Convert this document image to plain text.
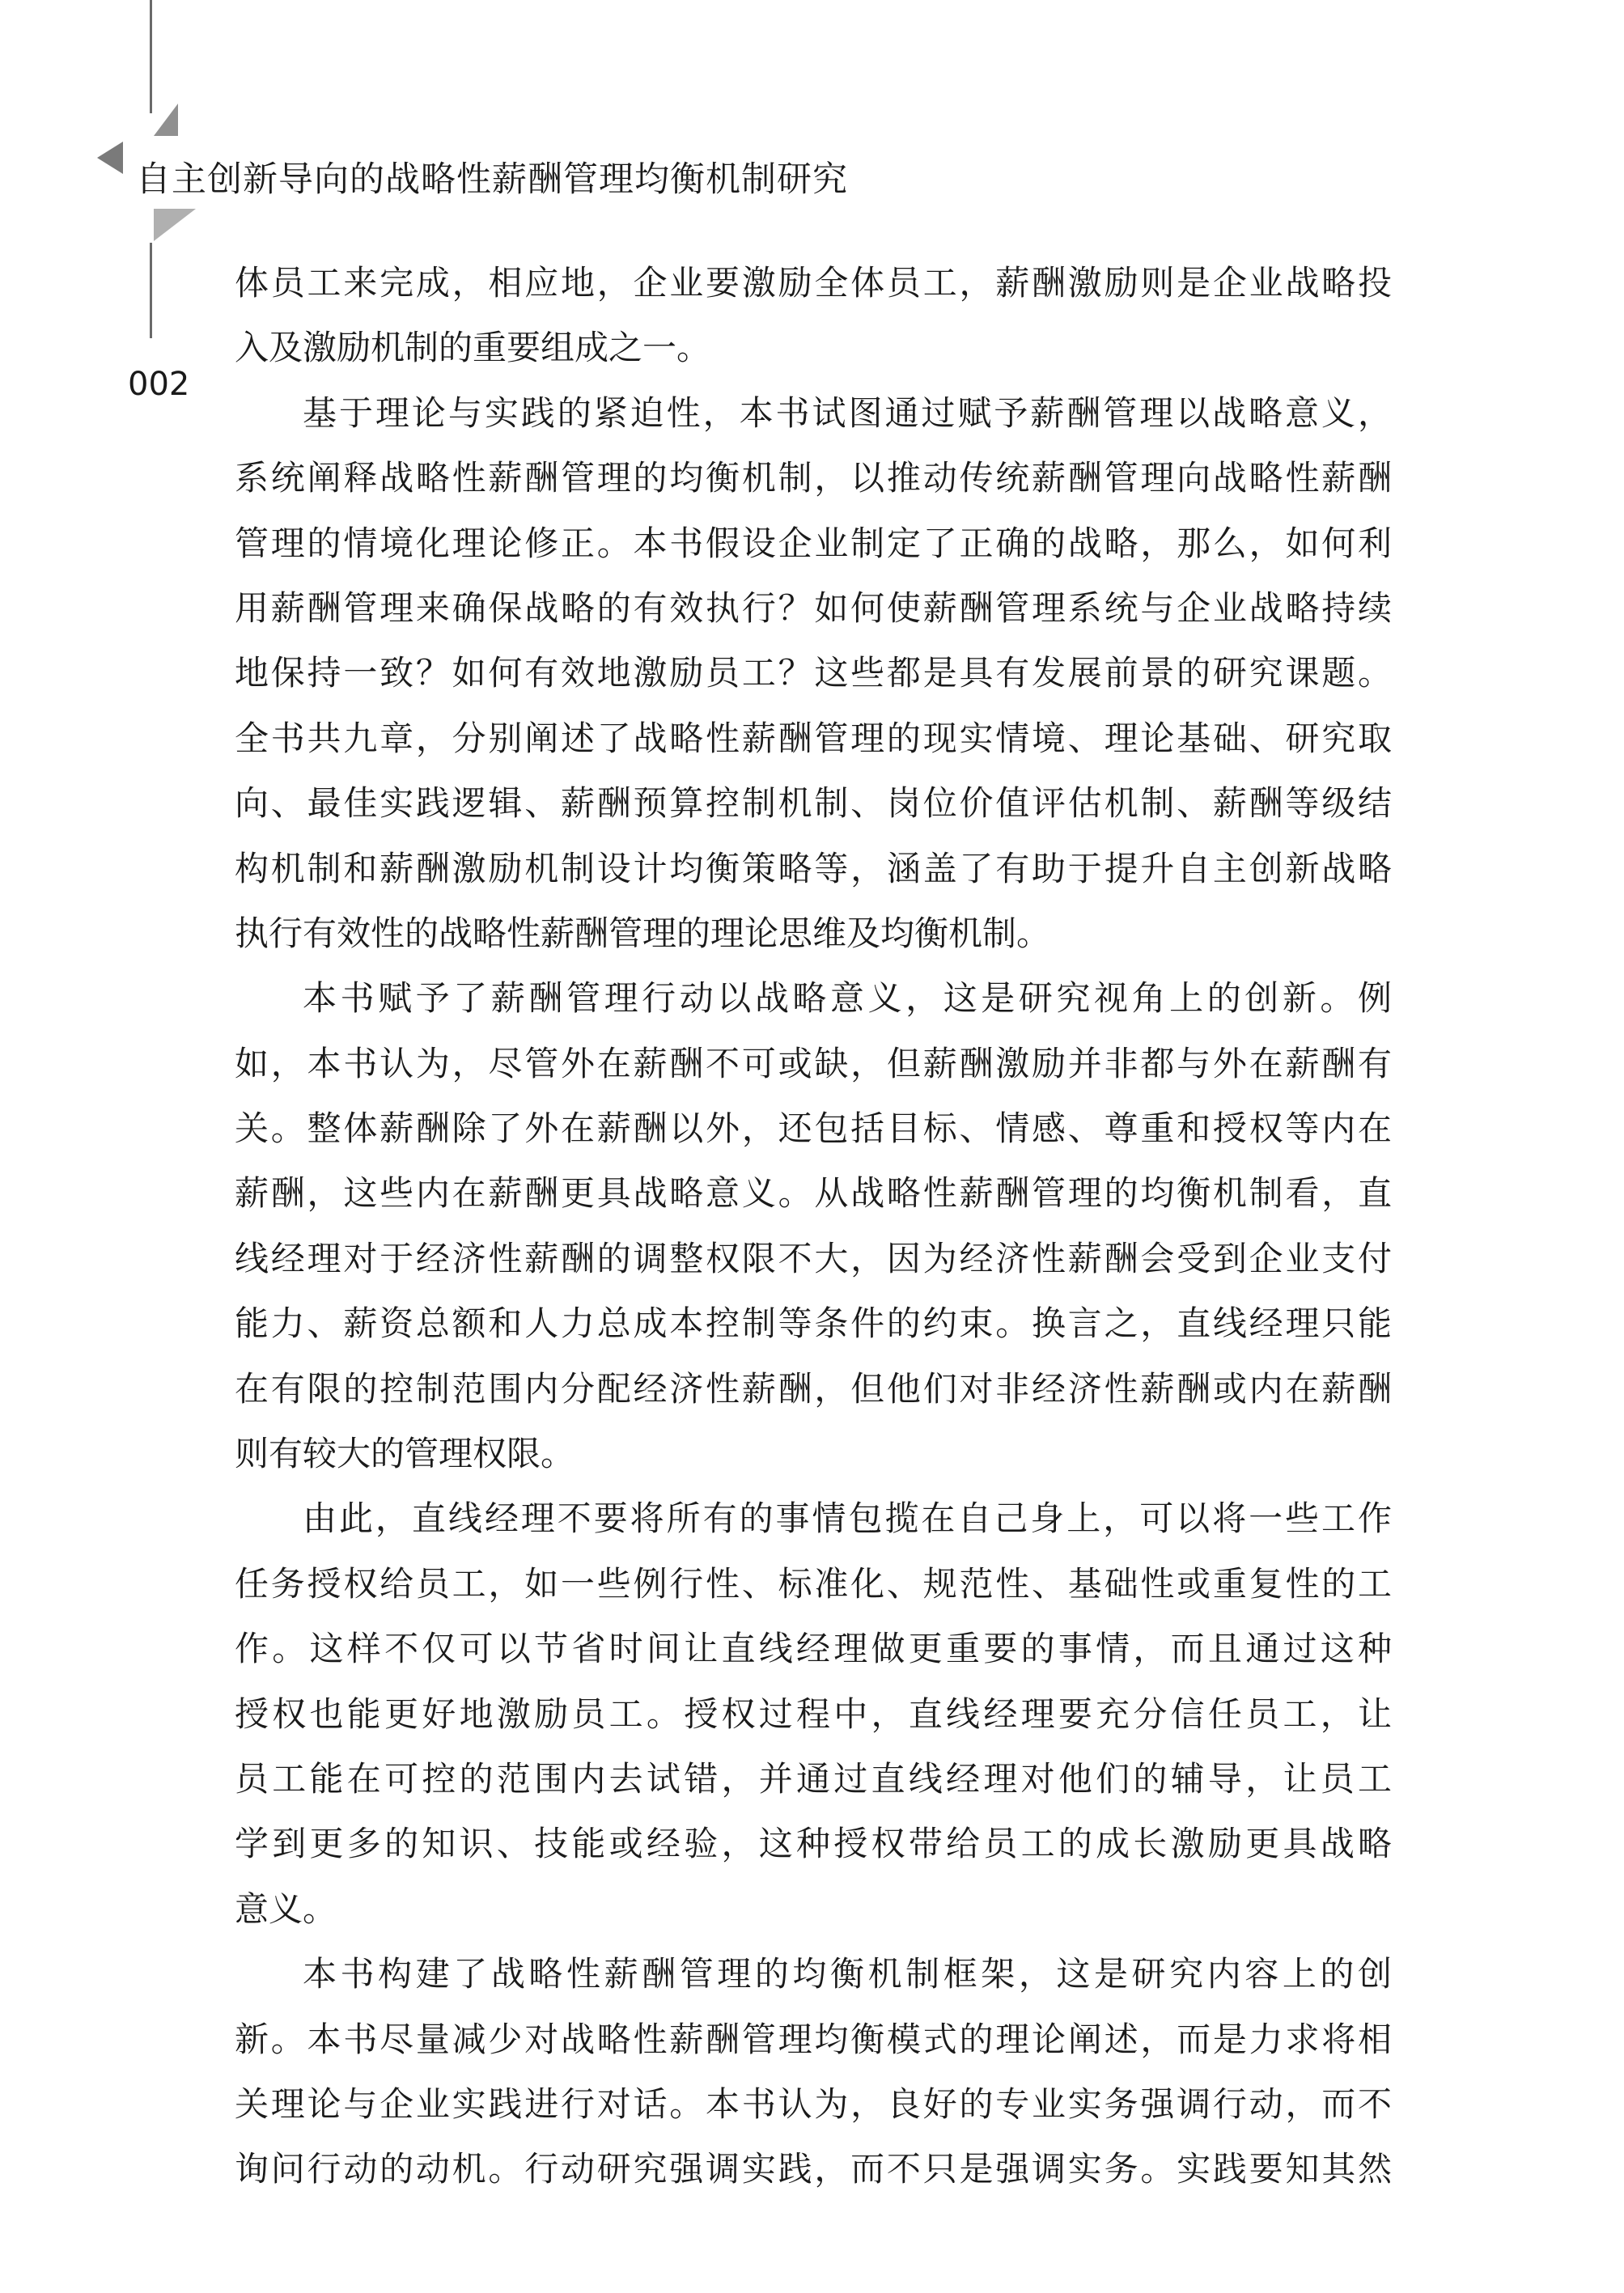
自主创新导向的战略性薪酬管理均衡机制研究
002
体员工来完成，相应地，企业要激励全体员工，薪酬激励则是企业战略投
入及激励机制的重要组成之一。
基于理论与实践的紧迫性，本书试图通过赋予薪酬管理以战略意义，
系统阐释战略性薪酬管理的均衡机制，以推动传统薪酬管理向战略性薪酬
管理的情境化理论修正。本书假设企业制定了正确的战略，那么，如何利
用薪酬管理来确保战略的有效执行？如何使薪酬管理系统与企业战略持续
地保持一致？如何有效地激励员工？这些都是具有发展前景的研究课题。
全书共九章，分别阐述了战略性薪酬管理的现实情境、理论基础、研究取
向、最佳实践逻辑、薪酬预算控制机制、岗位价值评估机制、薪酬等级结
构机制和薪酬激励机制设计均衡策略等，涵盖了有助于提升自主创新战略
执行有效性的战略性薪酬管理的理论思维及均衡机制。
本书赋予了薪酬管理行动以战略意义，这是研究视角上的创新。例
如，本书认为，尽管外在薪酬不可或缺，但薪酬激励并非都与外在薪酬有
关。整体薪酬除了外在薪酬以外，还包括目标、情感、尊重和授权等内在
薪酬，这些内在薪酬更具战略意义。从战略性薪酬管理的均衡机制看，直
线经理对于经济性薪酬的调整权限不大，因为经济性薪酬会受到企业支付
能力、薪资总额和人力总成本控制等条件的约束。换言之，直线经理只能
在有限的控制范围内分配经济性薪酬，但他们对非经济性薪酬或内在薪酬
则有较大的管理权限。
由此，直线经理不要将所有的事情包揽在自己身上，可以将一些工作
任务授权给员工，如一些例行性、标准化、规范性、基础性或重复性的工
作。这样不仅可以节省时间让直线经理做更重要的事情，而且通过这种
授权也能更好地激励员工。授权过程中，直线经理要充分信任员工，让
员工能在可控的范围内去试错，并通过直线经理对他们的辅导，让员工
学到更多的知识、技能或经验，这种授权带给员工的成长激励更具战略
意义。
本书构建了战略性薪酬管理的均衡机制框架，这是研究内容上的创
新。本书尽量减少对战略性薪酬管理均衡模式的理论阐述，而是力求将相
关理论与企业实践进行对话。本书认为，良好的专业实务强调行动，而不
询问行动的动机。行动研究强调实践，而不只是强调实务。实践要知其然
